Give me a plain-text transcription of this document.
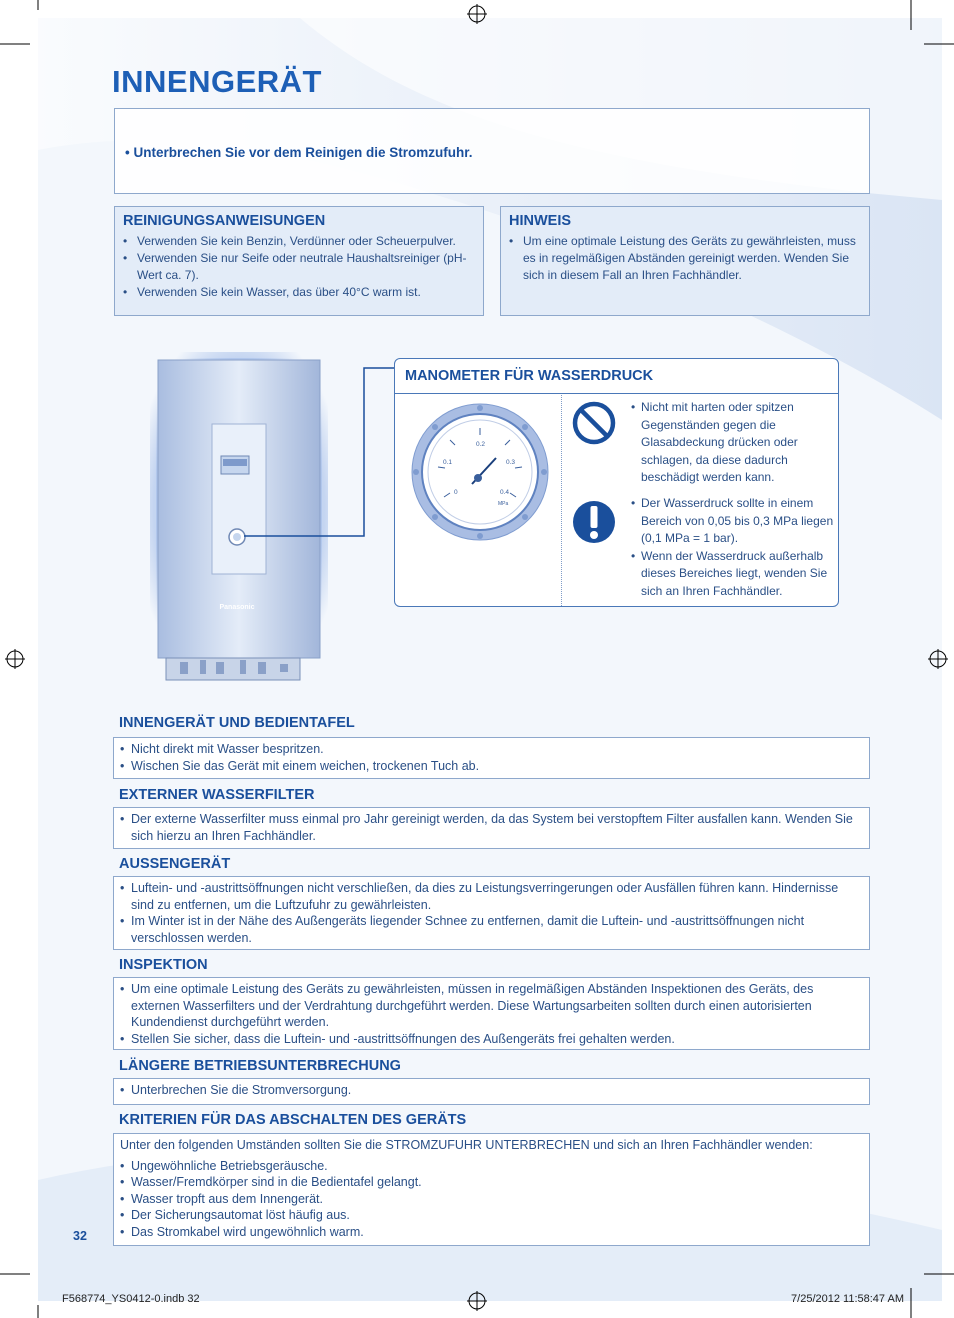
INNENGERÄT
• Unterbrechen Sie vor dem Reinigen die Stromzufuhr.
REINIGUNGSANWEISUNGEN
• Verwenden Sie kein Benzin, Verdünner oder Scheuerpulver.
• Verwenden Sie nur Seife oder neutrale Haushaltsreiniger (pH-Wert ca. 7).
• Verwenden Sie kein Wasser, das über 40°C warm ist.
HINWEIS
• Um eine optimale Leistung des Geräts zu gewährleisten, muss es in regelmäßigen Abständen gereinigt werden. Wenden Sie sich in diesem Fall an Ihren Fachhändler.
Panasonic
MANOMETER FÜR WASSERDRUCK
0.1
0.2
0.3
0.4
0
MPa

• Nicht mit harten oder spitzen Gegenständen gegen die Glasabdeckung drücken oder schlagen, da diese dadurch beschädigt werden kann.

• Der Wasserdruck sollte in einem Bereich von 0,05 bis 0,3 MPa liegen (0,1 MPa = 1 bar).

• Wenn der Wasserdruck außerhalb dieses Bereiches liegt, wenden Sie sich an Ihren Fachhändler.

INNENGERÄT UND BEDIENTAFEL
• Nicht direkt mit Wasser bespritzen.
• Wischen Sie das Gerät mit einem weichen, trockenen Tuch ab.
EXTERNER WASSERFILTER
• Der externe Wasserfilter muss einmal pro Jahr gereinigt werden, da das System bei verstopftem Filter ausfallen kann. Wenden Sie sich hierzu an Ihren Fachhändler.
AUSSENGERÄT
• Luftein- und -austrittsöffnungen nicht verschließen, da dies zu Leistungsverringerungen oder Ausfällen führen kann. Hindernisse sind zu entfernen, um die Luftzufuhr zu gewährleisten.
• Im Winter ist in der Nähe des Außengeräts liegender Schnee zu entfernen, damit die Luftein- und -austrittsöffnungen nicht verschlossen werden.
INSPEKTION
• Um eine optimale Leistung des Geräts zu gewährleisten, müssen in regelmäßigen Abständen Inspektionen des Geräts, des externen Wasserfilters und der Verdrahtung durchgeführt werden. Diese Wartungsarbeiten sollten durch einen autorisierten Kundendienst durchgeführt werden.
• Stellen Sie sicher, dass die Luftein- und -austrittsöffnungen des Außengeräts frei gehalten werden.
LÄNGERE BETRIEBSUNTERBRECHUNG
• Unterbrechen Sie die Stromversorgung.
KRITERIEN FÜR DAS ABSCHALTEN DES GERÄTS
Unter den folgenden Umständen sollten Sie die STROMZUFUHR UNTERBRECHEN und sich an Ihren Fachhändler wenden:
• Ungewöhnliche Betriebsgeräusche.
• Wasser/Fremdkörper sind in die Bedientafel gelangt.
• Wasser tropft aus dem Innengerät.
• Der Sicherungsautomat löst häufig aus.
• Das Stromkabel wird ungewöhnlich warm.
32
F568774_YS0412-0.indb 32	7/25/2012 11:58:47 AM
